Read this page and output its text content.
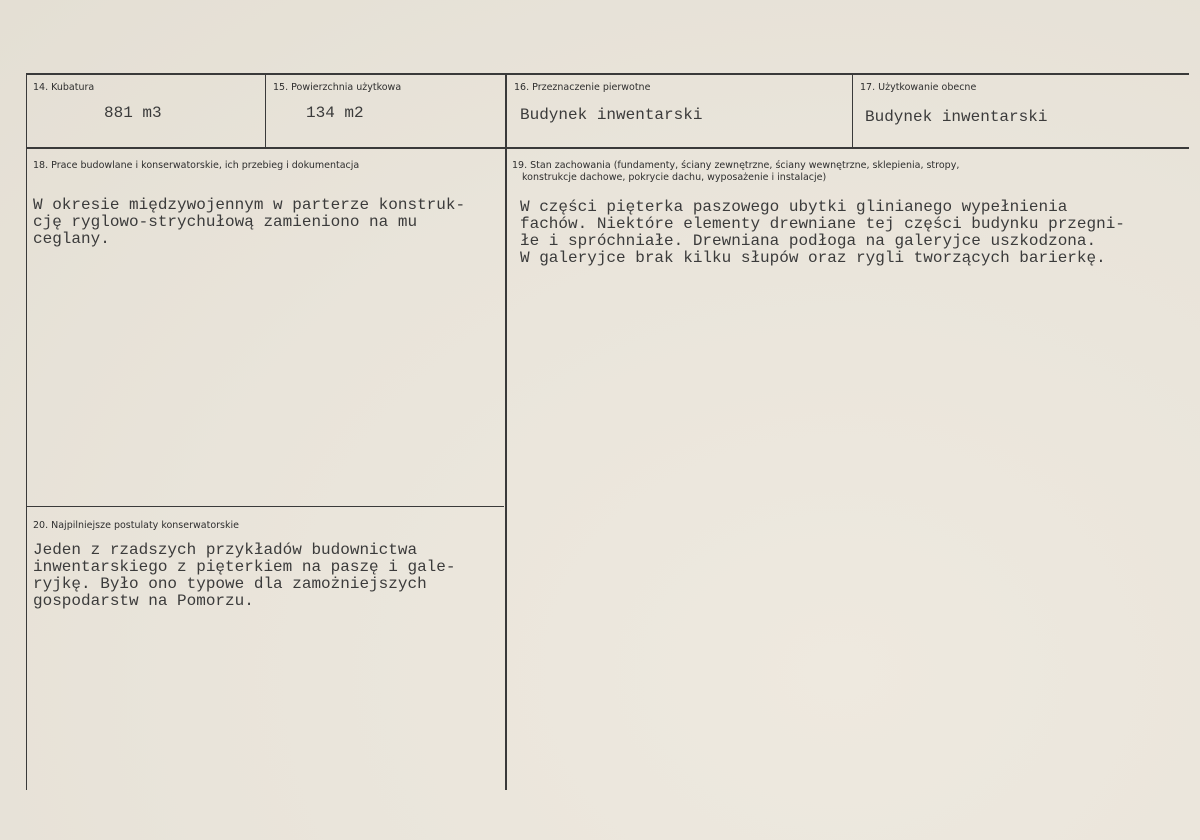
14. Kubatura
881 m3
15. Powierzchnia użytkowa
134 m2
16. Przeznaczenie pierwotne
Budynek inwentarski
17. Użytkowanie obecne
Budynek inwentarski
18. Prace budowlane i konserwatorskie, ich przebieg i dokumentacja
W okresie międzywojennym w parterze konstruk-
cję ryglowo-strychułową zamieniono na mu
ceglany.
19. Stan zachowania (fundamenty, ściany zewnętrzne, ściany wewnętrzne, sklepienia, stropy,
konstrukcje dachowe, pokrycie dachu, wyposażenie i instalacje)
W części pięterka paszowego ubytki glinianego wypełnienia
fachów. Niektóre elementy drewniane tej części budynku przegni-
łe i spróchniałe. Drewniana podłoga na galeryjce uszkodzona.
W galeryjce brak kilku słupów oraz rygli tworzących barierkę.
20. Najpilniejsze postulaty konserwatorskie
Jeden z rzadszych przykładów budownictwa
inwentarskiego z pięterkiem na paszę i gale-
ryjkę. Było ono typowe dla zamożniejszych
gospodarstw na Pomorzu.
